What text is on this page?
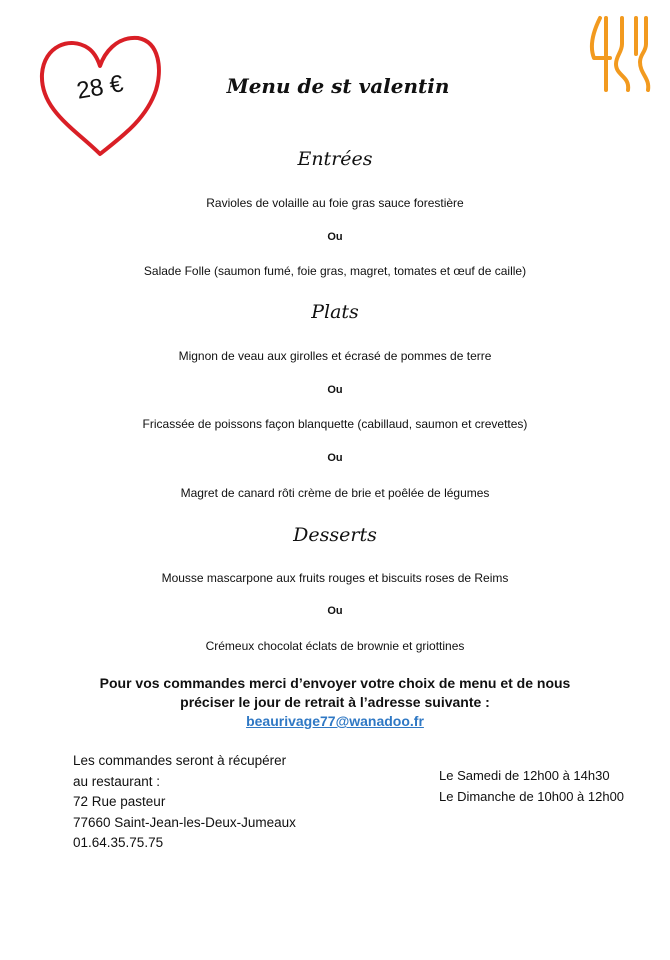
28 €	Menu de st valentin
Entrées
Ravioles de volaille au foie gras sauce forestière
Ou
Salade Folle (saumon fumé, foie gras, magret, tomates et œuf de caille)
Plats
Mignon de veau aux girolles et écrasé de pommes de terre
Ou
Fricassée de poissons façon blanquette (cabillaud, saumon et crevettes)
Ou
Magret de canard rôti crème de brie et poêlée de légumes
Desserts
Mousse mascarpone aux fruits rouges et biscuits roses de Reims
Ou
Crémeux chocolat éclats de brownie et griottines
Pour vos commandes merci d’envoyer votre choix de menu et de nous
préciser le jour de retrait à l’adresse suivante :
beaurivage77@wanadoo.fr
Les commandes seront à récupérer
au restaurant :
72 Rue pasteur
77660 Saint-Jean-les-Deux-Jumeaux
01.64.35.75.75
Le Samedi de 12h00 à 14h30
Le Dimanche de 10h00 à 12h00
